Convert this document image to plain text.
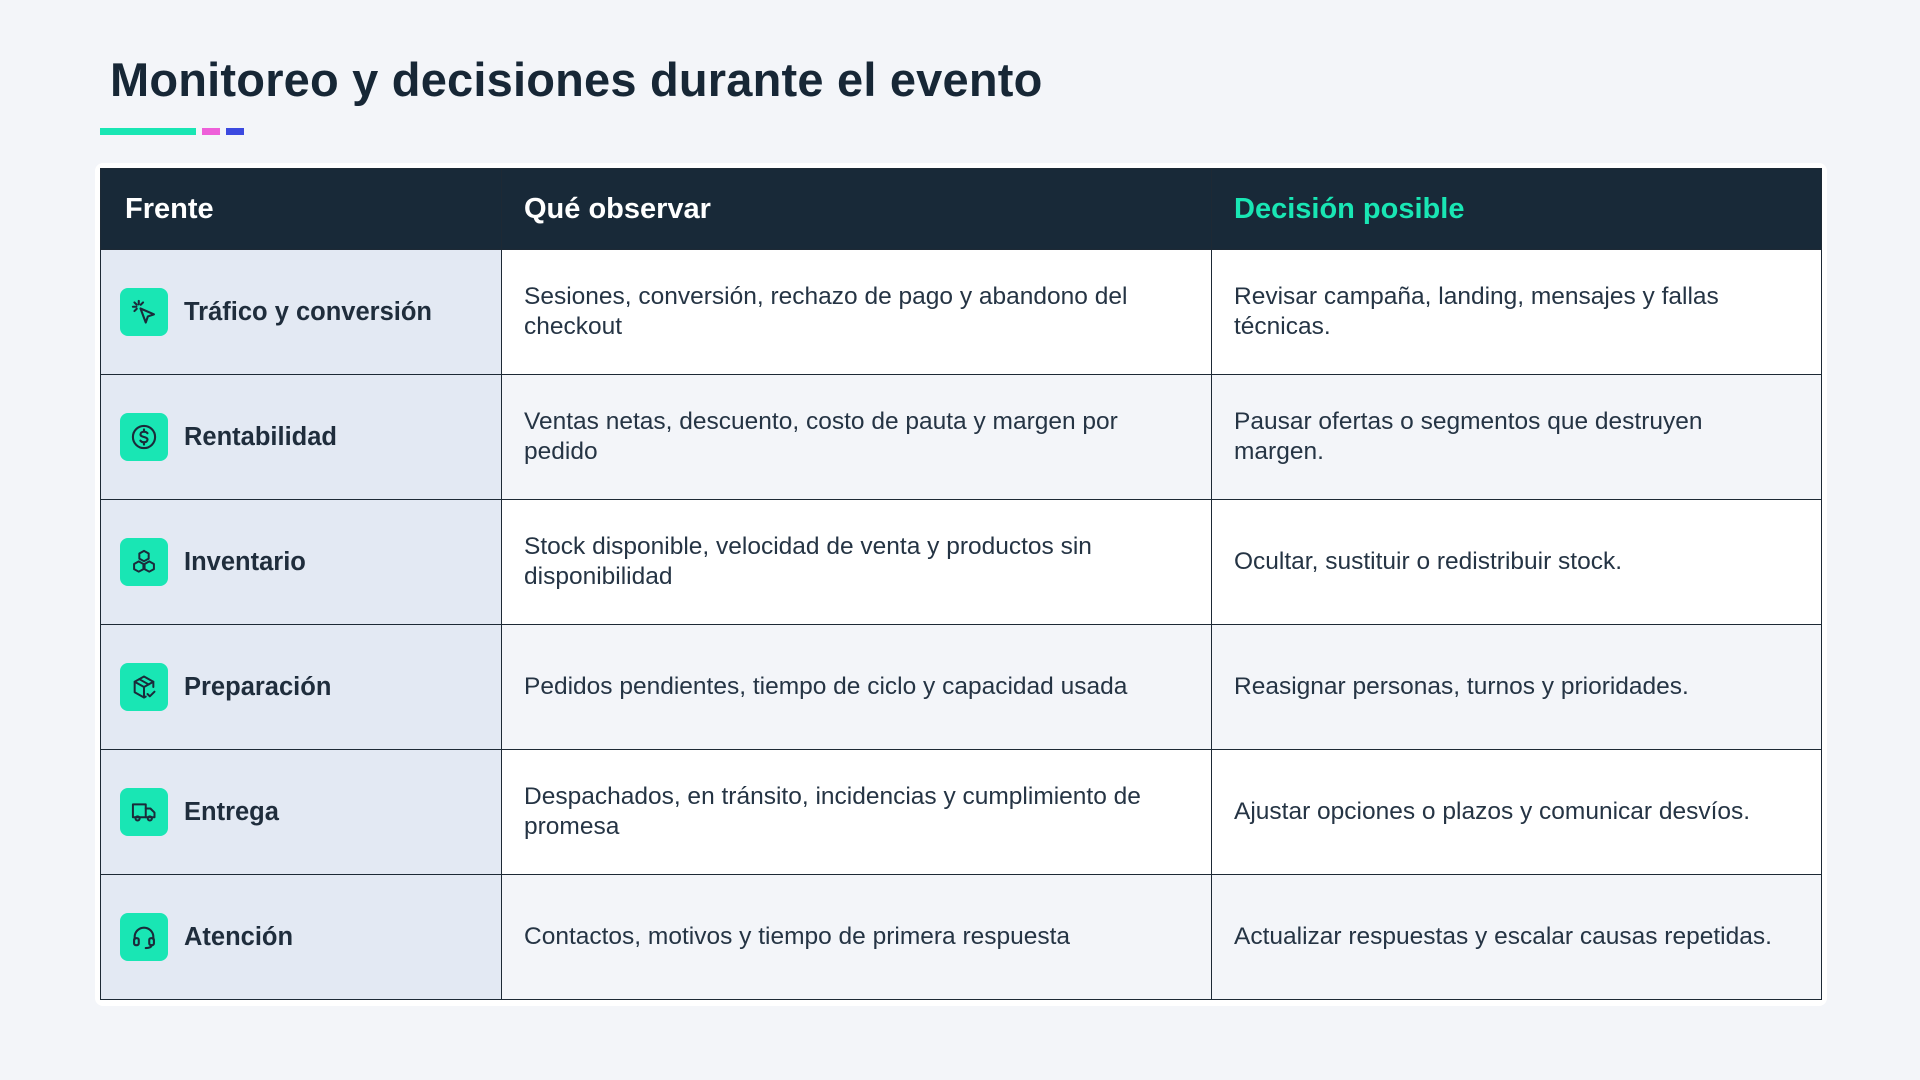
Monitoreo y decisiones durante el evento
Frente	Qué observar	Decisión posible

Tráfico y conversión	Sesiones, conversión, rechazo de pago y abandono del checkout	Revisar campaña, landing, mensajes y fallas técnicas.

Rentabilidad	Ventas netas, descuento, costo de pauta y margen por pedido	Pausar ofertas o segmentos que destruyen margen.

Inventario	Stock disponible, velocidad de venta y productos sin disponibilidad	Ocultar, sustituir o redistribuir stock.

Preparación	Pedidos pendientes, tiempo de ciclo y capacidad usada	Reasignar personas, turnos y prioridades.

Entrega	Despachados, en tránsito, incidencias y cumplimiento de promesa	Ajustar opciones o plazos y comunicar desvíos.

Atención	Contactos, motivos y tiempo de primera respuesta	Actualizar respuestas y escalar causas repetidas.
